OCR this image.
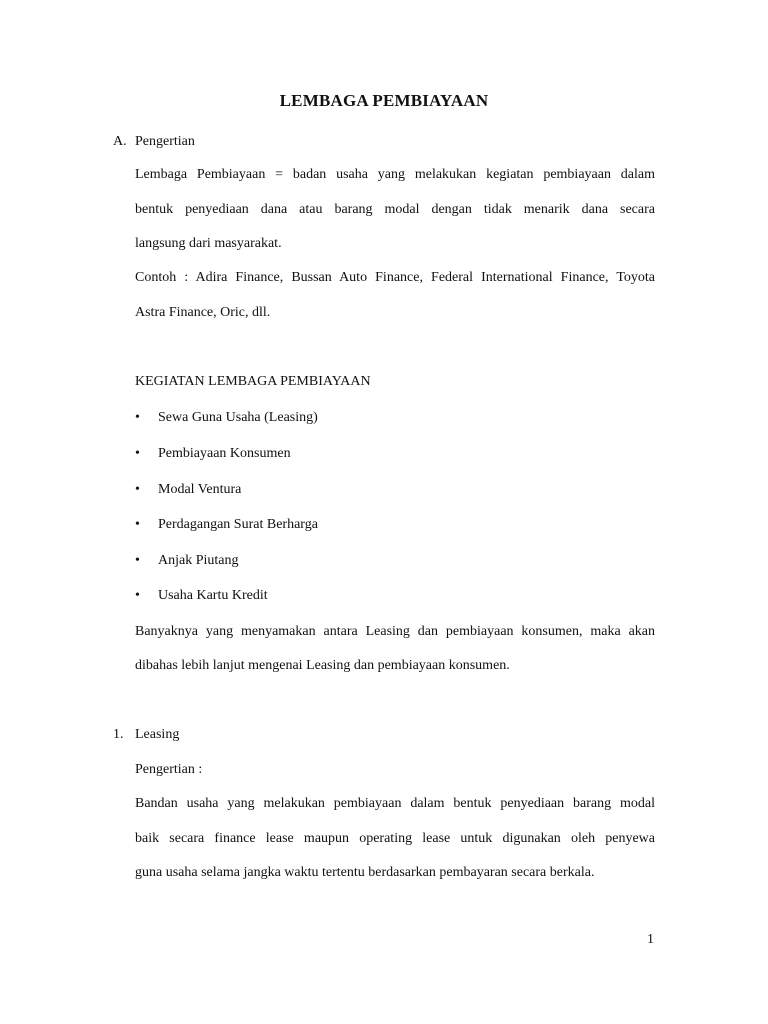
LEMBAGA PEMBIAYAAN
A. Pengertian
Lembaga Pembiayaan = badan usaha yang melakukan kegiatan pembiayaan dalam
bentuk penyediaan dana atau barang modal dengan tidak menarik dana secara
langsung dari masyarakat.
Contoh : Adira Finance, Bussan Auto Finance, Federal International Finance, Toyota
Astra Finance, Oric, dll.
KEGIATAN LEMBAGA PEMBIAYAAN
• Sewa Guna Usaha (Leasing)
• Pembiayaan Konsumen
• Modal Ventura
• Perdagangan Surat Berharga
• Anjak Piutang
• Usaha Kartu Kredit
Banyaknya yang menyamakan antara Leasing dan pembiayaan konsumen, maka akan
dibahas lebih lanjut mengenai Leasing dan pembiayaan konsumen.
1. Leasing
Pengertian :
Bandan usaha yang melakukan pembiayaan dalam bentuk penyediaan barang modal
baik secara finance lease maupun operating lease untuk digunakan oleh penyewa
guna usaha selama jangka waktu tertentu berdasarkan pembayaran secara berkala.
1
